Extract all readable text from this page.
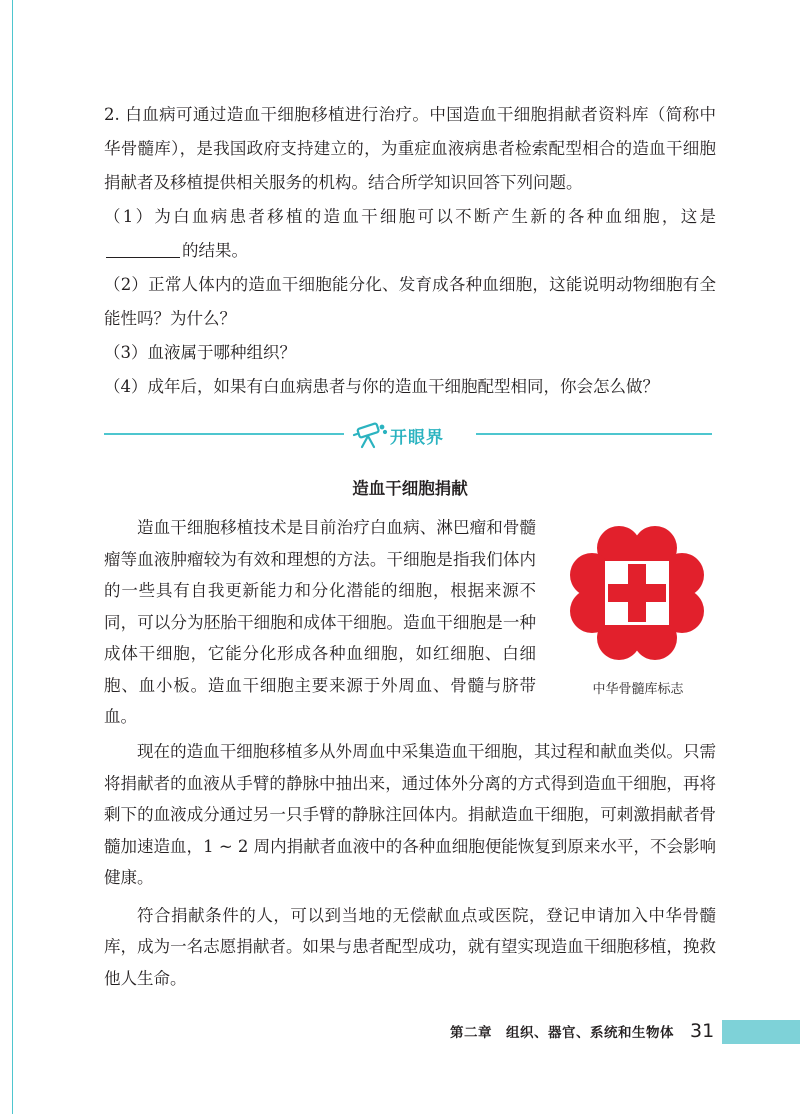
2. 白血病可通过造血干细胞移植进行治疗。中国造血干细胞捐献者资料库（简称中华骨髓库），是我国政府支持建立的，为重症血液病患者检索配型相合的造血干细胞捐献者及移植提供相关服务的机构。结合所学知识回答下列问题。

（1）为白血病患者移植的造血干细胞可以不断产生新的各种血细胞，这是的结果。

（2）正常人体内的造血干细胞能分化、发育成各种血细胞，这能说明动物细胞有全能性吗？为什么？

（3）血液属于哪种组织？

（4）成年后，如果有白血病患者与你的造血干细胞配型相同，你会怎么做？

开眼界
造血干细胞捐献

造血干细胞移植技术是目前治疗白血病、淋巴瘤和骨髓瘤等血液肿瘤较为有效和理想的方法。干细胞是指我们体内的一些具有自我更新能力和分化潜能的细胞，根据来源不同，可以分为胚胎干细胞和成体干细胞。造血干细胞是一种成体干细胞，它能分化形成各种血细胞，如红细胞、白细胞、血小板。造血干细胞主要来源于外周血、骨髓与脐带血。

中华骨髓库标志

现在的造血干细胞移植多从外周血中采集造血干细胞，其过程和献血类似。只需将捐献者的血液从手臂的静脉中抽出来，通过体外分离的方式得到造血干细胞，再将剩下的血液成分通过另一只手臂的静脉注回体内。捐献造血干细胞，可刺激捐献者骨髓加速造血，1 ~ 2 周内捐献者血液中的各种血细胞便能恢复到原来水平，不会影响健康。

符合捐献条件的人，可以到当地的无偿献血点或医院，登记申请加入中华骨髓库，成为一名志愿捐献者。如果与患者配型成功，就有望实现造血干细胞移植，挽救他人生命。

第二章　组织、器官、系统和生物体 31
